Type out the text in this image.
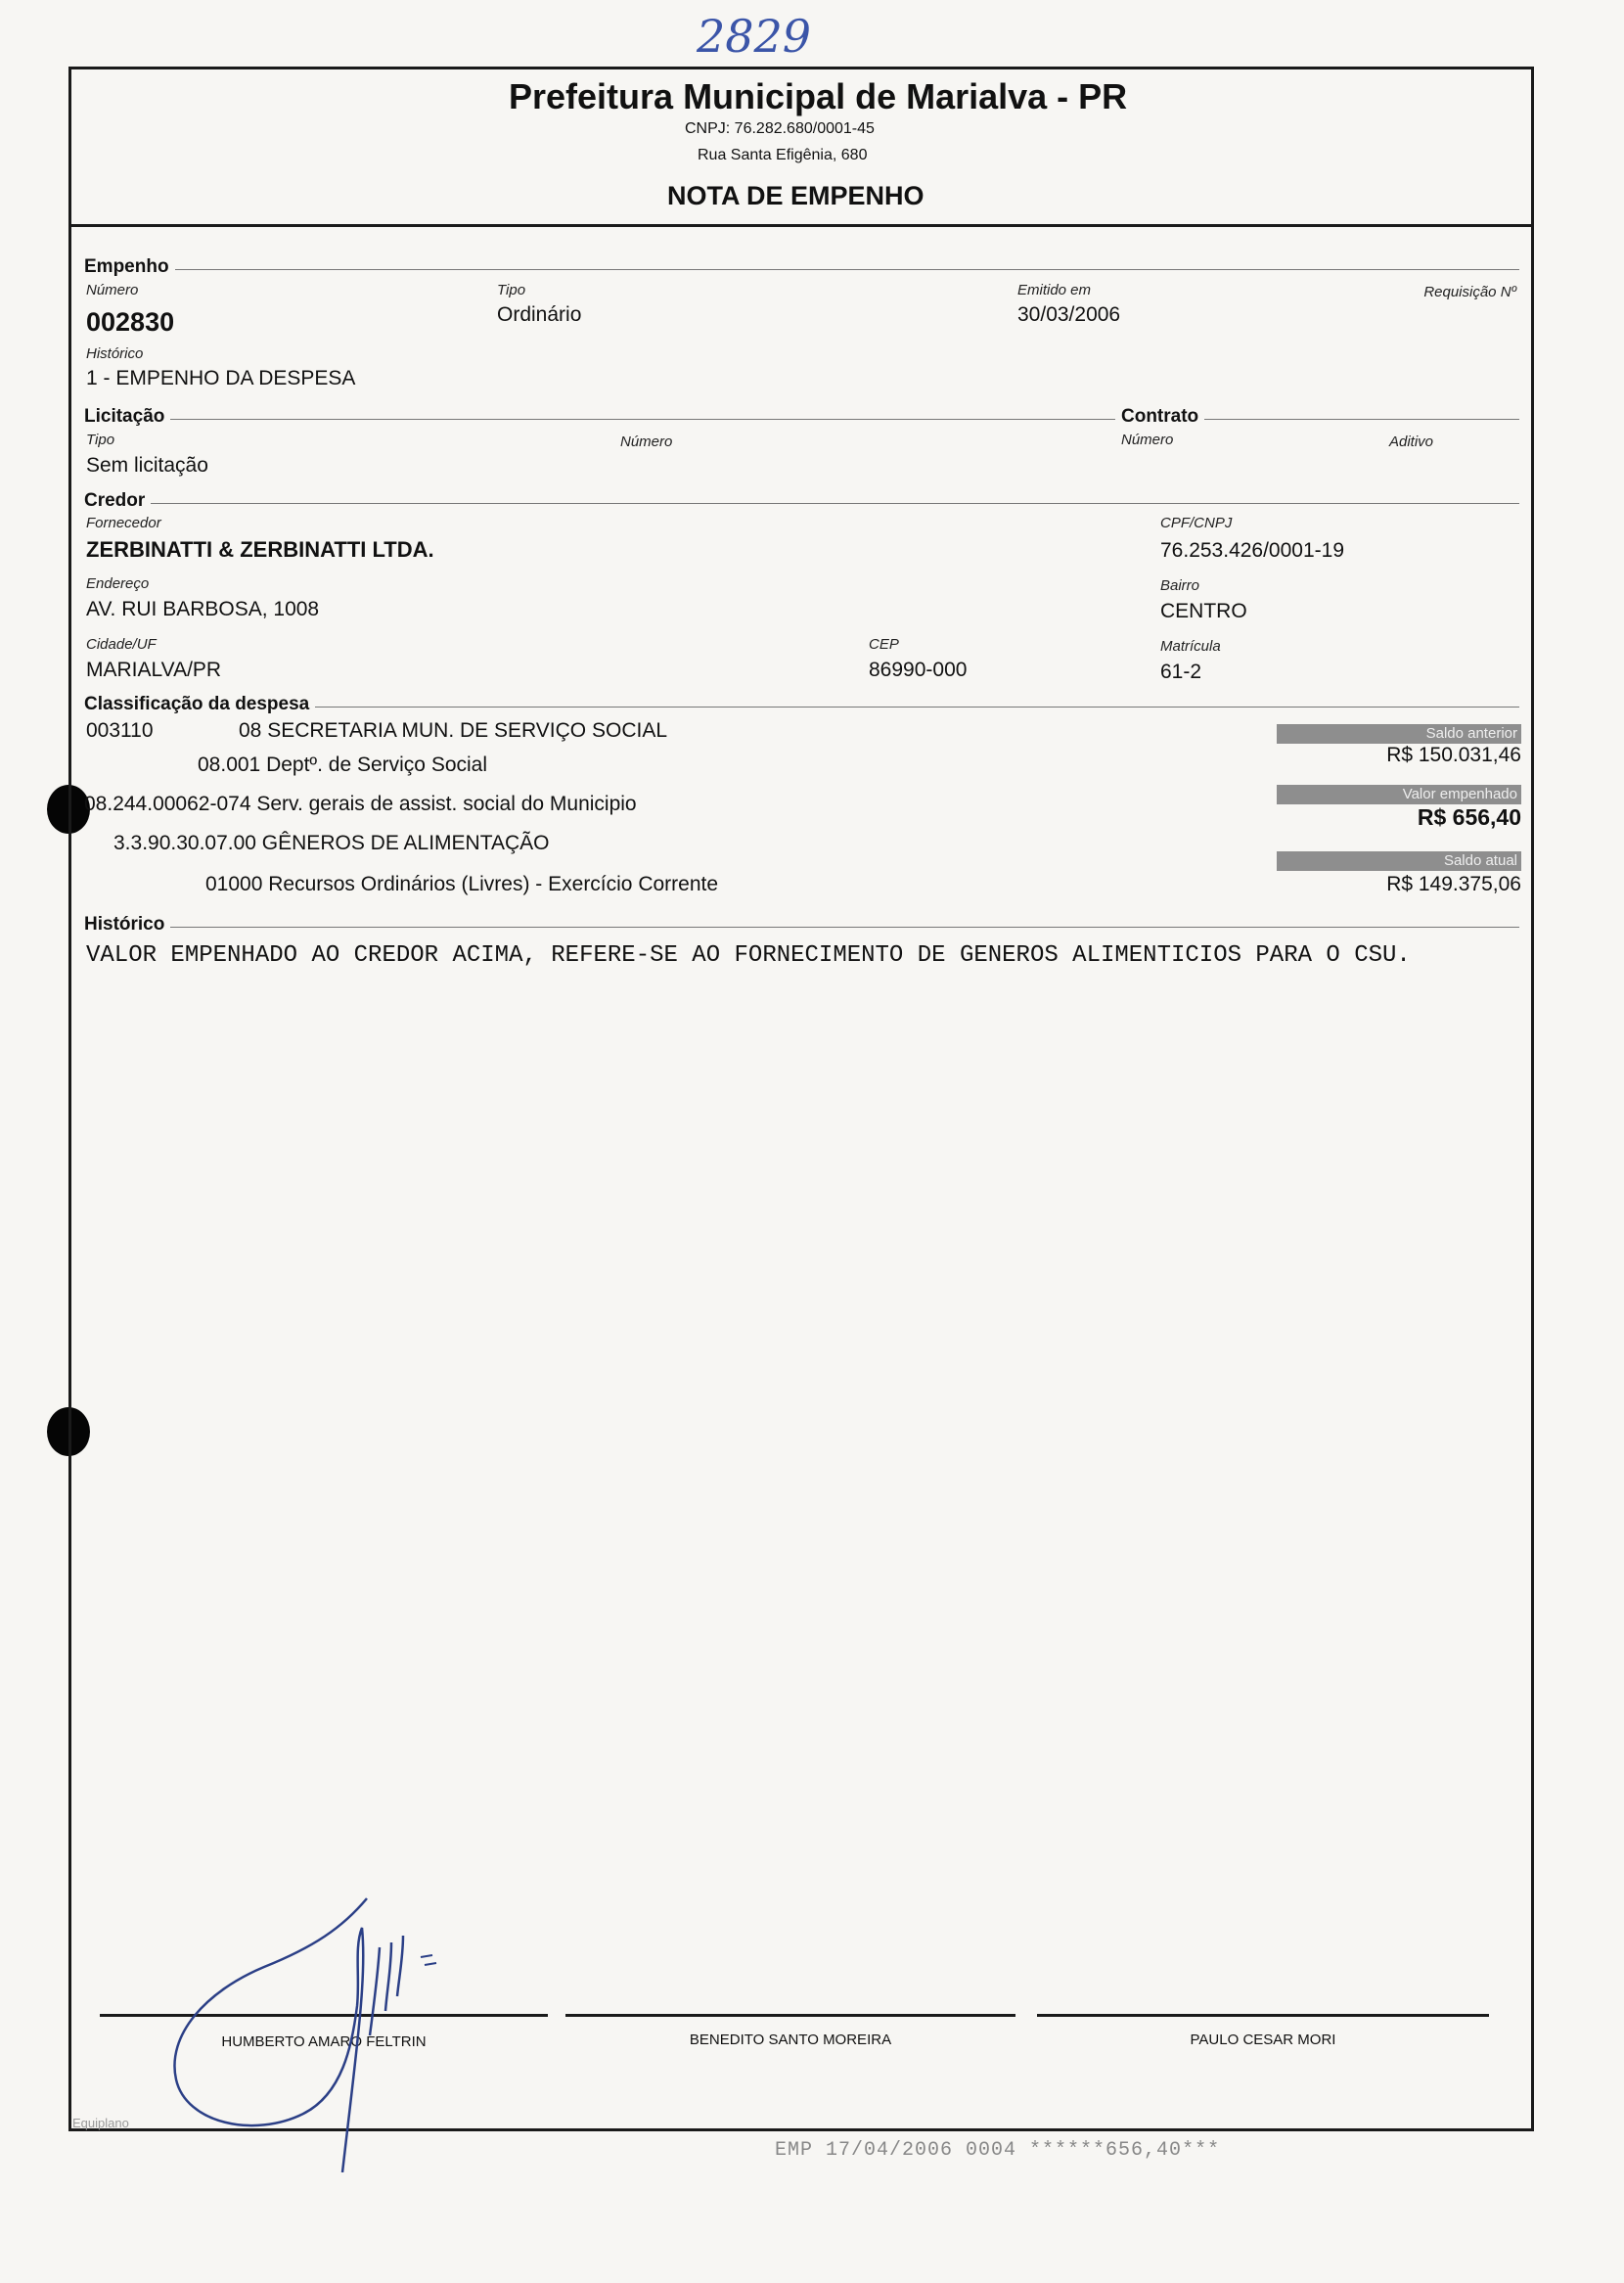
2829
Prefeitura Municipal de Marialva - PR
CNPJ: 76.282.680/0001-45
Rua Santa Efigênia, 680
NOTA DE EMPENHO
Empenho
Número
002830
Tipo
Ordinário
Emitido em
30/03/2006
Requisição Nº
Histórico
1 - EMPENHO DA DESPESA
Licitação	Contrato
Tipo
Sem licitação
Número	Número	Aditivo
Credor
Fornecedor
ZERBINATTI & ZERBINATTI LTDA.
CPF/CNPJ
76.253.426/0001-19
Endereço
AV. RUI BARBOSA, 1008
Bairro
CENTRO
Cidade/UF
MARIALVA/PR
CEP
86990-000
Matrícula
61-2
Classificação da despesa
003110	08 SECRETARIA MUN. DE SERVIÇO SOCIAL
08.001 Deptº. de Serviço Social
08.244.00062-074 Serv. gerais de assist. social do Municipio
3.3.90.30.07.00 GÊNEROS DE ALIMENTAÇÃO
01000 Recursos Ordinários (Livres) - Exercício Corrente
Saldo anterior
R$ 150.031,46
Valor empenhado
R$ 656,40
Saldo atual
R$ 149.375,06
Histórico
VALOR EMPENHADO AO CREDOR ACIMA, REFERE-SE AO FORNECIMENTO DE GENEROS ALIMENTICIOS PARA O CSU.
HUMBERTO AMARO FELTRIN	BENEDITO SANTO MOREIRA	PAULO CESAR MORI
Equiplano
EMP 17/04/2006 0004 ******656,40***
